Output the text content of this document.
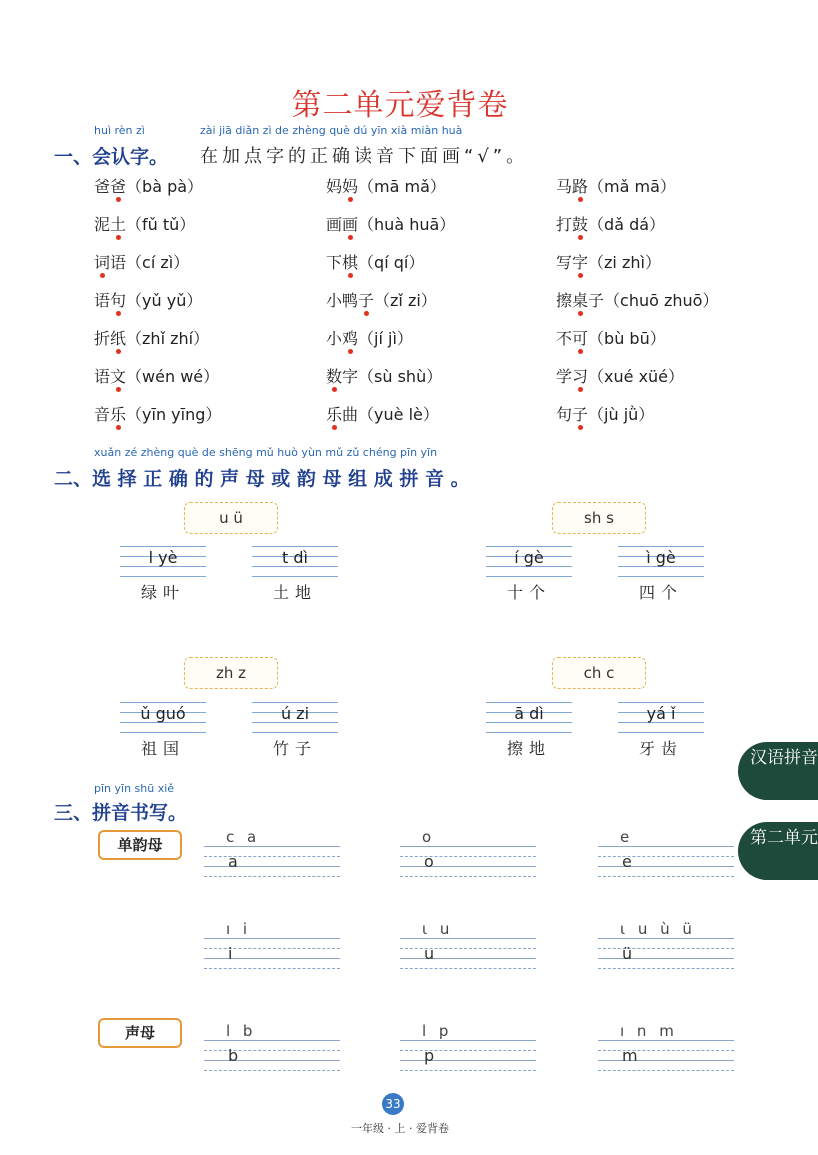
第二单元爱背卷
huì rèn zì	zài jiā diǎn zì de zhèng què dú yīn xià miàn huà
一、会认字。 在加点字的正确读音下面画“√”。
爸爸（bà pà）	妈妈（mā mǎ）	马路（mǎ mā）
泥土（fǔ tǔ）	画画（huà huā）	打鼓（dǎ dá）
词语（cí zì）	下棋（qí qí）	写字（zi zhì）
语句（yǔ yǔ）	小鸭子（zǐ zi）	擦桌子（chuō zhuō）
折纸（zhǐ zhí）	小鸡（jí jì）	不可（bù bū）
语文（wén wé）	数字（sù shù）	学习（xué xüé）
音乐（yīn yīng）	乐曲（yuè lè）	句子（jù jǜ）
xuǎn zé zhèng què de shēng mǔ huò yùn mǔ zǔ chéng pīn yīn
二、选 择 正 确 的 声 母 或 韵 母 组 成 拼 音 。
u ü
l yè
绿叶
t dì
土地
sh s
í gè
十个
ì gè
四个
zh z
ǔ guó
祖国
ú zi
竹子
ch c
ā dì
擦地
yá ǐ
牙齿
pīn yīn shū xiě
三、拼音书写。
单韵母
声母
c a
a
o
o
e
e
ı i
i
ι u
u
ι u ù ü
ü
l b
b
l p
p
ı n m
m
汉语拼音
第二单元
33
一年级 · 上 · 爱背卷
